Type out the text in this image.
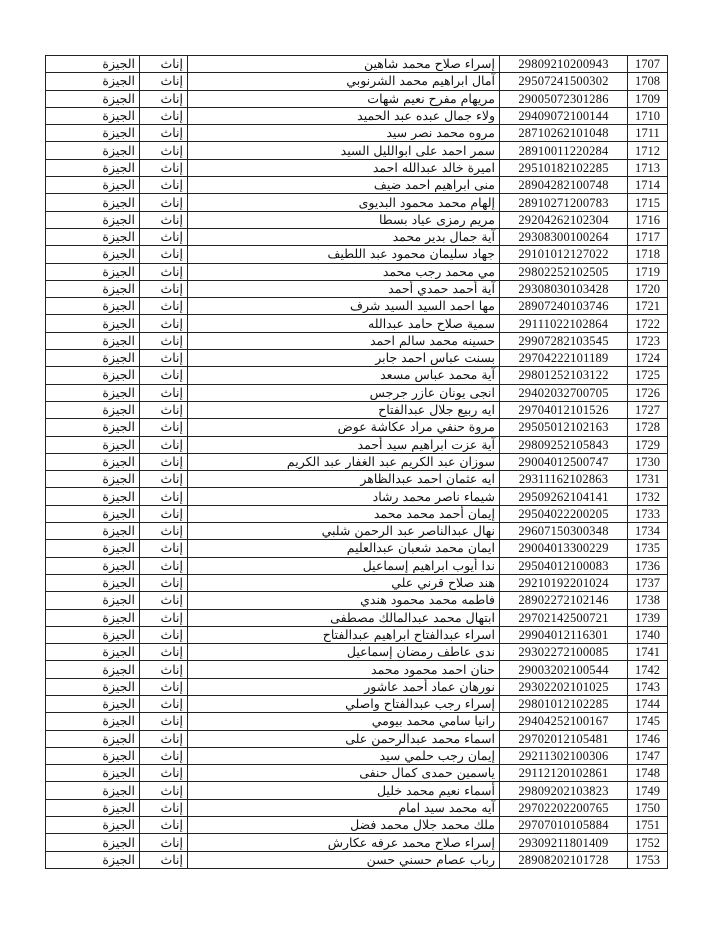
الجيزة	إناث	إسراء صلاح محمد شاهين	29809210200943	1707
الجيزة	إناث	آمال ابراهيم محمد الشرنوبي	29507241500302	1708
الجيزة	إناث	مريهام مفرح نعيم شهات	29005072301286	1709
الجيزة	إناث	ولاء جمال عبده عبد الحميد	29409072100144	1710
الجيزة	إناث	مروه محمد نصر سيد	28710262101048	1711
الجيزة	إناث	سمر احمد على ابوالليل السيد	28910011220284	1712
الجيزة	إناث	اميرة خالد عبدالله احمد	29510182102285	1713
الجيزة	إناث	منى ابراهيم احمد ضيف	28904282100748	1714
الجيزة	إناث	إلهام محمد محمود البديوى	28910271200783	1715
الجيزة	إناث	مريم رمزى عياد بسطا	29204262102304	1716
الجيزة	إناث	آية جمال بدير محمد	29308300100264	1717
الجيزة	إناث	جهاد سليمان محمود عبد اللطيف	29101012127022	1718
الجيزة	إناث	مي محمد رجب محمد	29802252102505	1719
الجيزة	إناث	آية أحمد حمدي أحمد	29308030103428	1720
الجيزة	إناث	مها احمد السيد السيد شرف	28907240103746	1721
الجيزة	إناث	سمية صلاح حامد عبدالله	29111022102864	1722
الجيزة	إناث	حسينه محمد سالم احمد	29907282103545	1723
الجيزة	إناث	بسنت عباس احمد جابر	29704222101189	1724
الجيزة	إناث	آية محمد عباس مسعد	29801252103122	1725
الجيزة	إناث	انجى يونان عازر جرجس	29402032700705	1726
الجيزة	إناث	ايه ربيع جلال عبدالفتاح	29704012101526	1727
الجيزة	إناث	مروة حنفي مراد عكاشة عوض	29505012102163	1728
الجيزة	إناث	آية عزت ابراهيم سيد أحمد	29809252105843	1729
الجيزة	إناث	سوزان عبد الكريم عبد الغفار عبد الكريم	29004012500747	1730
الجيزة	إناث	ايه عثمان احمد عبدالظاهر	29311162102863	1731
الجيزة	إناث	شيماء ناصر محمد رشاد	29509262104141	1732
الجيزة	إناث	إيمان أحمد محمد محمد	29504022200205	1733
الجيزة	إناث	نهال عبدالناصر عبد الرحمن شلبي	29607150300348	1734
الجيزة	إناث	ايمان محمد شعبان عبدالعليم	29004013300229	1735
الجيزة	إناث	ندا أيوب ابراهيم إسماعيل	29504012100083	1736
الجيزة	إناث	هند صلاح قرني علي	29210192201024	1737
الجيزة	إناث	فاطمه محمد محمود هندي	28902272102146	1738
الجيزة	إناث	ابتهال محمد عبدالمالك مصطفى	29702142500721	1739
الجيزة	إناث	اسراء عبدالفتاح ابراهيم عبدالفتاح	29904012116301	1740
الجيزة	إناث	ندى عاطف رمضان إسماعيل	29302272100085	1741
الجيزة	إناث	حنان احمد محمود محمد	29003202100544	1742
الجيزة	إناث	نورهان عماد أحمد عاشور	29302202101025	1743
الجيزة	إناث	إسراء رجب عبدالفتاح واصلي	29801012102285	1744
الجيزة	إناث	رانيا سامي محمد بيومي	29404252100167	1745
الجيزة	إناث	اسماء محمد عبدالرحمن على	29702012105481	1746
الجيزة	إناث	إيمان رجب حلمي سيد	29211302100306	1747
الجيزة	إناث	ياسمين حمدى كمال حنفى	29112120102861	1748
الجيزة	إناث	أسماء نعيم محمد خليل	29809202103823	1749
الجيزة	إناث	آيه محمد سيد امام	29702202200765	1750
الجيزة	إناث	ملك محمد جلال محمد فضل	29707010105884	1751
الجيزة	إناث	إسراء صلاح محمد عرفه عكارش	29309211801409	1752
الجيزة	إناث	رباب عصام حسني حسن	28908202101728	1753
